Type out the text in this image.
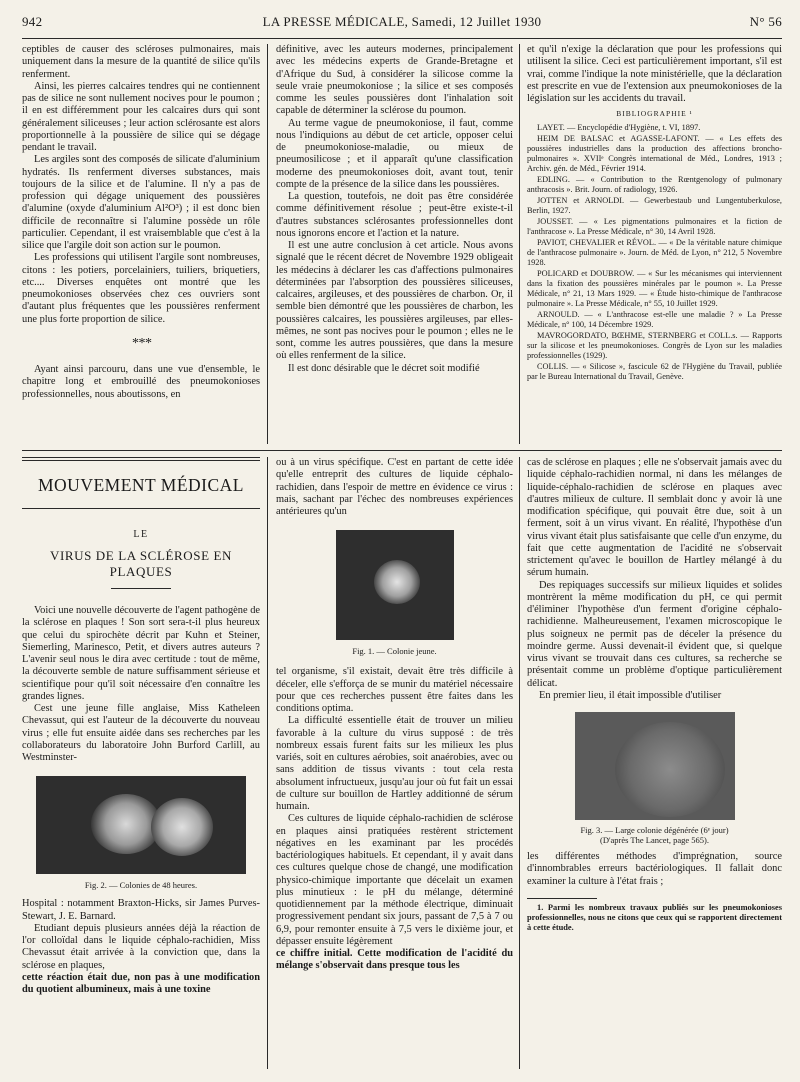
942	LA PRESSE MÉDICALE, Samedi, 12 Juillet 1930	N° 56

ceptibles de causer des scléroses pulmonaires, mais uniquement dans la mesure de la quantité de silice qu'ils renferment.

Ainsi, les pierres calcaires tendres qui ne contiennent pas de silice ne sont nullement nocives pour le poumon ; il en est différemment pour les calcaires durs qui sont généralement siliceuses ; leur action sclérosante est alors proportionnelle à la poussière de silice qui se dégage pendant le travail.

Les argiles sont des composés de silicate d'aluminium hydratés. Ils renferment diverses substances, mais toujours de la silice et de l'alumine. Il n'y a pas de profession qui dégage uniquement des poussières d'alumine (oxyde d'aluminium Al²O³) ; il est donc bien difficile de reconnaître si l'alumine possède un rôle particulier. Cependant, il est vraisemblable que c'est à la silice que l'argile doit son action sur le poumon.

Les professions qui utilisent l'argile sont nombreuses, citons : les potiers, porcelainiers, tuiliers, briquetiers, etc.... Diverses enquêtes ont montré que les pneumokonioses observées chez ces ouvriers sont d'autant plus fréquentes que les poussières renferment une plus forte proportion de silice.

* * *

Ayant ainsi parcouru, dans une vue d'ensemble, le chapitre long et embrouillé des pneumokonioses professionnelles, nous aboutissons, en

définitive, avec les auteurs modernes, principalement avec les médecins experts de Grande-Bretagne et d'Afrique du Sud, à considérer la silicose comme la seule vraie pneumokoniose ; la silice et ses composés comme les seules poussières dont l'inhalation soit capable de déterminer la sclérose du poumon.

Au terme vague de pneumokoniose, il faut, comme nous l'indiquions au début de cet article, opposer celui de pneumokoniose-maladie, ou mieux de pneumosilicose ; et il apparaît qu'une classification moderne des pneumokonioses doit, avant tout, tenir compte de la présence de la silice dans les poussières.

La question, toutefois, ne doit pas être considérée comme définitivement résolue ; peut-être existe-t-il d'autres substances sclérosantes professionnelles dont nous ignorons encore et l'action et la nature.

Il est une autre conclusion à cet article. Nous avons signalé que le récent décret de Novembre 1929 obligeait les médecins à déclarer les cas d'affections pulmonaires déterminées par l'absorption des poussières siliceuses, calcaires, argileuses, et des poussières de charbon. Or, il semble bien démontré que les poussières de charbon, les poussières calcaires, les poussières argileuses, par elles-mêmes, ne sont pas nocives pour le poumon ; elles ne le sont, comme les autres poussières, que dans la mesure où elles renferment de la silice.

Il est donc désirable que le décret soit modifié

et qu'il n'exige la déclaration que pour les professions qui utilisent la silice. Ceci est particulièrement important, s'il est vrai, comme l'indique la note ministérielle, que la déclaration est prescrite en vue de l'extension aux pneumokonioses de la législation sur les accidents du travail.

BIBLIOGRAPHIE ¹

LAYET. — Encyclopédie d'Hygiène, t. VI, 1897.

HEIM DE BALSAC et AGASSE-LAFONT. — « Les effets des poussières industrielles dans la production des affections broncho-pulmonaires ». XVIIᵉ Congrès international de Méd., Londres, 1913 ; Archiv. gén. de Méd., Février 1914.

EDLING. — « Contribution to the Rœntgenology of pulmonary anthracosis ». Brit. Journ. of radiology, 1926.

JOTTEN et ARNOLDI. — Gewerbestaub und Lungentuberkulose, Berlin, 1927.

JOUSSET. — « Les pigmentations pulmonaires et la fiction de l'anthracose ». La Presse Médicale, n° 30, 14 Avril 1928.

PAVIOT, CHEVALIER et RÉVOL. — « De la véritable nature chimique de l'anthracose pulmonaire ». Journ. de Méd. de Lyon, n° 212, 5 Novembre 1928.

POLICARD et DOUBROW. — « Sur les mécanismes qui interviennent dans la fixation des poussières minérales par le poumon ». La Presse Médicale, n° 21, 13 Mars 1929. — « Étude histo-chimique de l'anthracose pulmonaire ». La Presse Médicale, n° 55, 10 Juillet 1929.

ARNOULD. — « L'anthracose est-elle une maladie ? » La Presse Médicale, n° 100, 14 Décembre 1929.

MAVROGORDATO, BŒHME, STERNBERG et COLL.s. — Rapports sur la silicose et les pneumokonioses. Congrès de Lyon sur les maladies professionnelles (1929).

COLLIS. — « Silicose », fascicule 62 de l'Hygiène du Travail, publiée par le Bureau International du Travail, Genève.

MOUVEMENT MÉDICAL
LE
VIRUS DE LA SCLÉROSE EN PLAQUES

Voici une nouvelle découverte de l'agent pathogène de la sclérose en plaques ! Son sort sera-t-il plus heureux que celui du spirochète décrit par Kuhn et Steiner, Siemerling, Marinesco, Petit, et divers autres auteurs ? L'avenir seul nous le dira avec certitude : tout de même, la découverte semble de nature suffisamment sérieuse et scientifique pour qu'il soit nécessaire d'en connaître les grandes lignes.

Cest une jeune fille anglaise, Miss Katheleen Chevassut, qui est l'auteur de la découverte du nouveau virus ; elle fut ensuite aidée dans ses recherches par les collaborateurs du laboratoire John Burford Carlill, au Westminster-

Fig. 2. — Colonies de 48 heures.

Hospital : notamment Braxton-Hicks, sir James Purves-Stewart, J. E. Barnard.

Etudiant depuis plusieurs années déjà la réaction de l'or colloïdal dans le liquide céphalo-rachidien, Miss Chevassut était arrivée à la conviction que, dans la sclérose en plaques,

cette réaction était due, non pas à une modification du quotient albumineux, mais à une toxine

ou à un virus spécifique. C'est en partant de cette idée qu'elle entreprit des cultures de liquide céphalo-rachidien, dans l'espoir de mettre en évidence ce virus : mais, sachant par l'échec des nombreuses expériences antérieures qu'un

Fig. 1. — Colonie jeune.

tel organisme, s'il existait, devait être très difficile à déceler, elle s'efforça de se munir du matériel nécessaire pour que ces recherches pussent être faites dans les conditions optima.

La difficulté essentielle était de trouver un milieu favorable à la culture du virus supposé : de très nombreux essais furent faits sur les milieux les plus variés, soit en cultures aérobies, soit anaérobies, avec ou sans addition de tissus vivants : tout cela resta absolument infructueux, jusqu'au jour où fut fait un essai de culture sur bouillon de Hartley additionné de sérum humain.

Ces cultures de liquide céphalo-rachidien de sclérose en plaques ainsi pratiquées restèrent strictement négatives en les examinant par les procédés bactériologiques habituels. Et cependant, il y avait dans ces cultures quelque chose de changé, une modification physico-chimique importante que décelait un examen plus minutieux : le pH du mélange, déterminé quotidiennement par la méthode électrique, diminuait progressivement pendant six jours, passant de 7,5 à 7 ou 6,9, pour remonter ensuite à 7,5 vers le dixième jour, et dépasser ensuite légèrement

ce chiffre initial. Cette modification de l'acidité du mélange s'observait dans presque tous les

cas de sclérose en plaques ; elle ne s'observait jamais avec du liquide céphalo-rachidien normal, ni dans les mélanges de liquide-céphalo-rachidien de sclérose en plaques avec d'autres milieux de culture. Il semblait donc y avoir là une modification spécifique, qui pouvait être due, soit à un ferment, soit à un virus vivant. En réalité, l'hypothèse d'un virus vivant était plus satisfaisante que celle d'un enzyme, du fait que cette augmentation de l'acidité ne s'observait strictement qu'avec le bouillon de Hartley mélangé à du sérum humain.

Des repiquages successifs sur milieux liquides et solides montrèrent la même modification du pH, ce qui permit d'éliminer l'hypothèse d'un ferment d'origine céphalo-rachidienne. Malheureusement, l'examen microscopique le plus soigneux ne permit pas de déceler la présence du moindre germe. Aussi devenait-il évident que, si quelque virus vivant se trouvait dans ces cultures, sa recherche se présentait comme un problème d'optique particulièrement délicat.

En premier lieu, il était impossible d'utiliser

Fig. 3. — Large colonie dégénérée (6ᵉ jour)
(D'après The Lancet, page 565).

les différentes méthodes d'imprégnation, source d'innombrables erreurs bactériologiques. Il fallait donc examiner la culture à l'état frais ;

1. Parmi les nombreux travaux publiés sur les pneumokonioses professionnelles, nous ne citons que ceux qui se rapportent directement à cette étude.
